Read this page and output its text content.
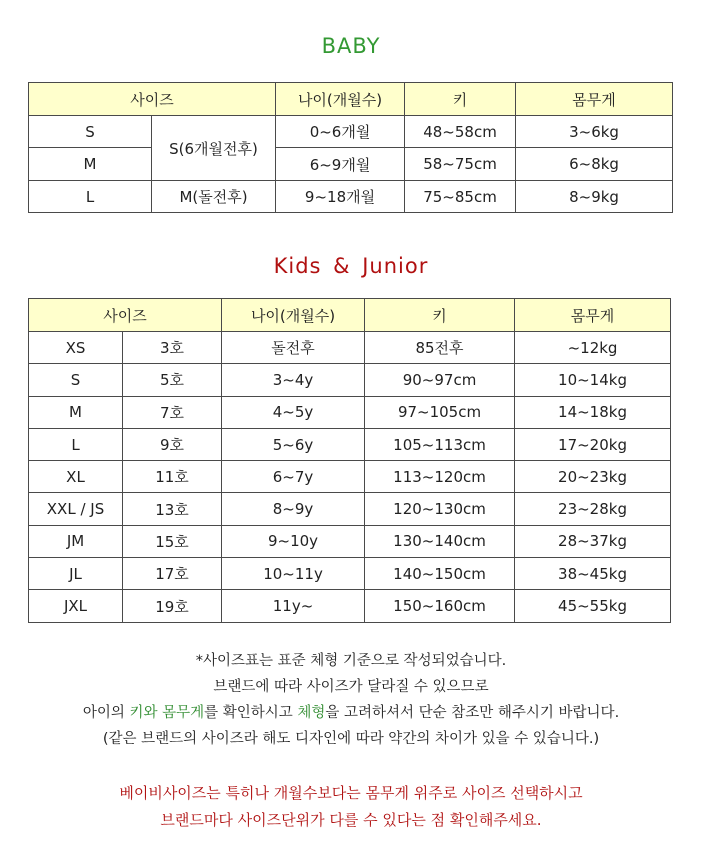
BABY
사이즈		나이(개월수)	키	몸무게
S	S(6개월전후)	0~6개월	48~58cm	3~6kg
M		6~9개월	58~75cm	6~8kg
L	M(돌전후)	9~18개월	75~85cm	8~9kg
Kids & Junior
사이즈		나이(개월수)	키	몸무게
XS	3호	돌전후	85전후	~12kg
S	5호	3~4y	90~97cm	10~14kg
M	7호	4~5y	97~105cm	14~18kg
L	9호	5~6y	105~113cm	17~20kg
XL	11호	6~7y	113~120cm	20~23kg
XXL / JS	13호	8~9y	120~130cm	23~28kg
JM	15호	9~10y	130~140cm	28~37kg
JL	17호	10~11y	140~150cm	38~45kg
JXL	19호	11y~	150~160cm	45~55kg
*사이즈표는 표준 체형 기준으로 작성되었습니다.
브랜드에 따라 사이즈가 달라질 수 있으므로
아이의 키와 몸무게를 확인하시고 체형을 고려하셔서 단순 참조만 해주시기 바랍니다.
(같은 브랜드의 사이즈라 해도 디자인에 따라 약간의 차이가 있을 수 있습니다.)
베이비사이즈는 특히나 개월수보다는 몸무게 위주로 사이즈 선택하시고
브랜드마다 사이즈단위가 다를 수 있다는 점 확인해주세요.
